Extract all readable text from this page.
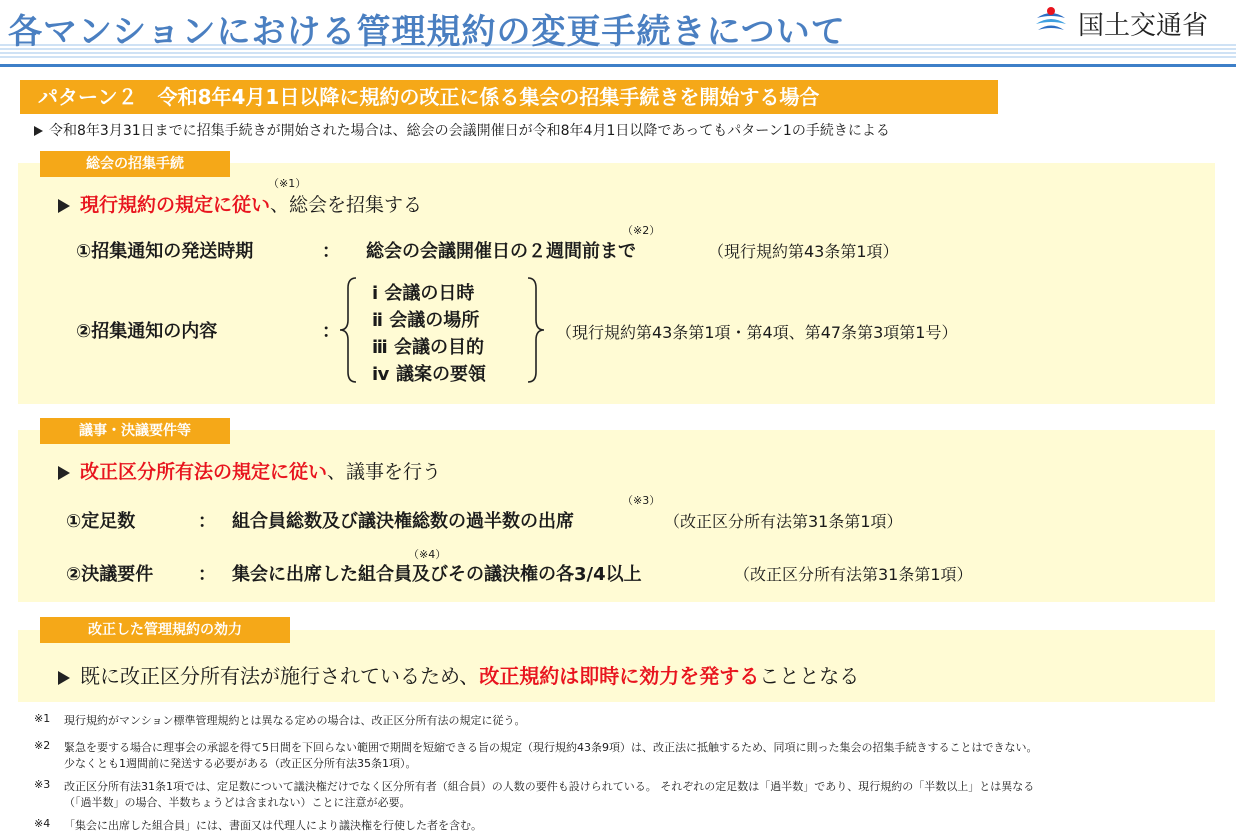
各マンションにおける管理規約の変更手続きについて	国土交通省
パターン２　令和8年4月1日以降に規約の改正に係る集会の招集手続きを開始する場合
令和8年3月31日までに招集手続きが開始された場合は、総会の会議開催日が令和8年4月1日以降であってもパターン1の手続きによる
総会の招集手続
現行規約の規定に従い、総会を招集する
（※1）
①招集通知の発送時期	： 総会の会議開催日の２週間前まで
（※2）
（現行規約第43条第1項）
②招集通知の内容	：
ⅰ 会議の日時
ⅱ 会議の場所
ⅲ 会議の目的
ⅳ 議案の要領
（現行規約第43条第1項・第4項、第47条第3項第1号）
議事・決議要件等
改正区分所有法の規定に従い、議事を行う
①定足数	： 組合員総数及び議決権総数の過半数の出席
（※3）
（改正区分所有法第31条第1項）
②決議要件 ： 集会に出席した組合員及びその議決権の各3/4以上
（※4）
（改正区分所有法第31条第1項）
改正した管理規約の効力
既に改正区分所有法が施行されているため、改正規約は即時に効力を発することとなる
※1 現行規約がマンション標準管理規約とは異なる定めの場合は、改正区分所有法の規定に従う。
※2 緊急を要する場合に理事会の承認を得て5日間を下回らない範囲で期間を短縮できる旨の規定（現行規約43条9項）は、改正法に抵触するため、同項に則った集会の招集手続きすることはできない。
少なくとも1週間前に発送する必要がある（改正区分所有法35条1項）。
※3 改正区分所有法31条1項では、定足数について議決権だけでなく区分所有者（組合員）の人数の要件も設けられている。 それぞれの定足数は「過半数」であり、現行規約の「半数以上」とは異なる
（「過半数」の場合、半数ちょうどは含まれない）ことに注意が必要。
※4 「集会に出席した組合員」には、書面又は代理人により議決権を行使した者を含む。
